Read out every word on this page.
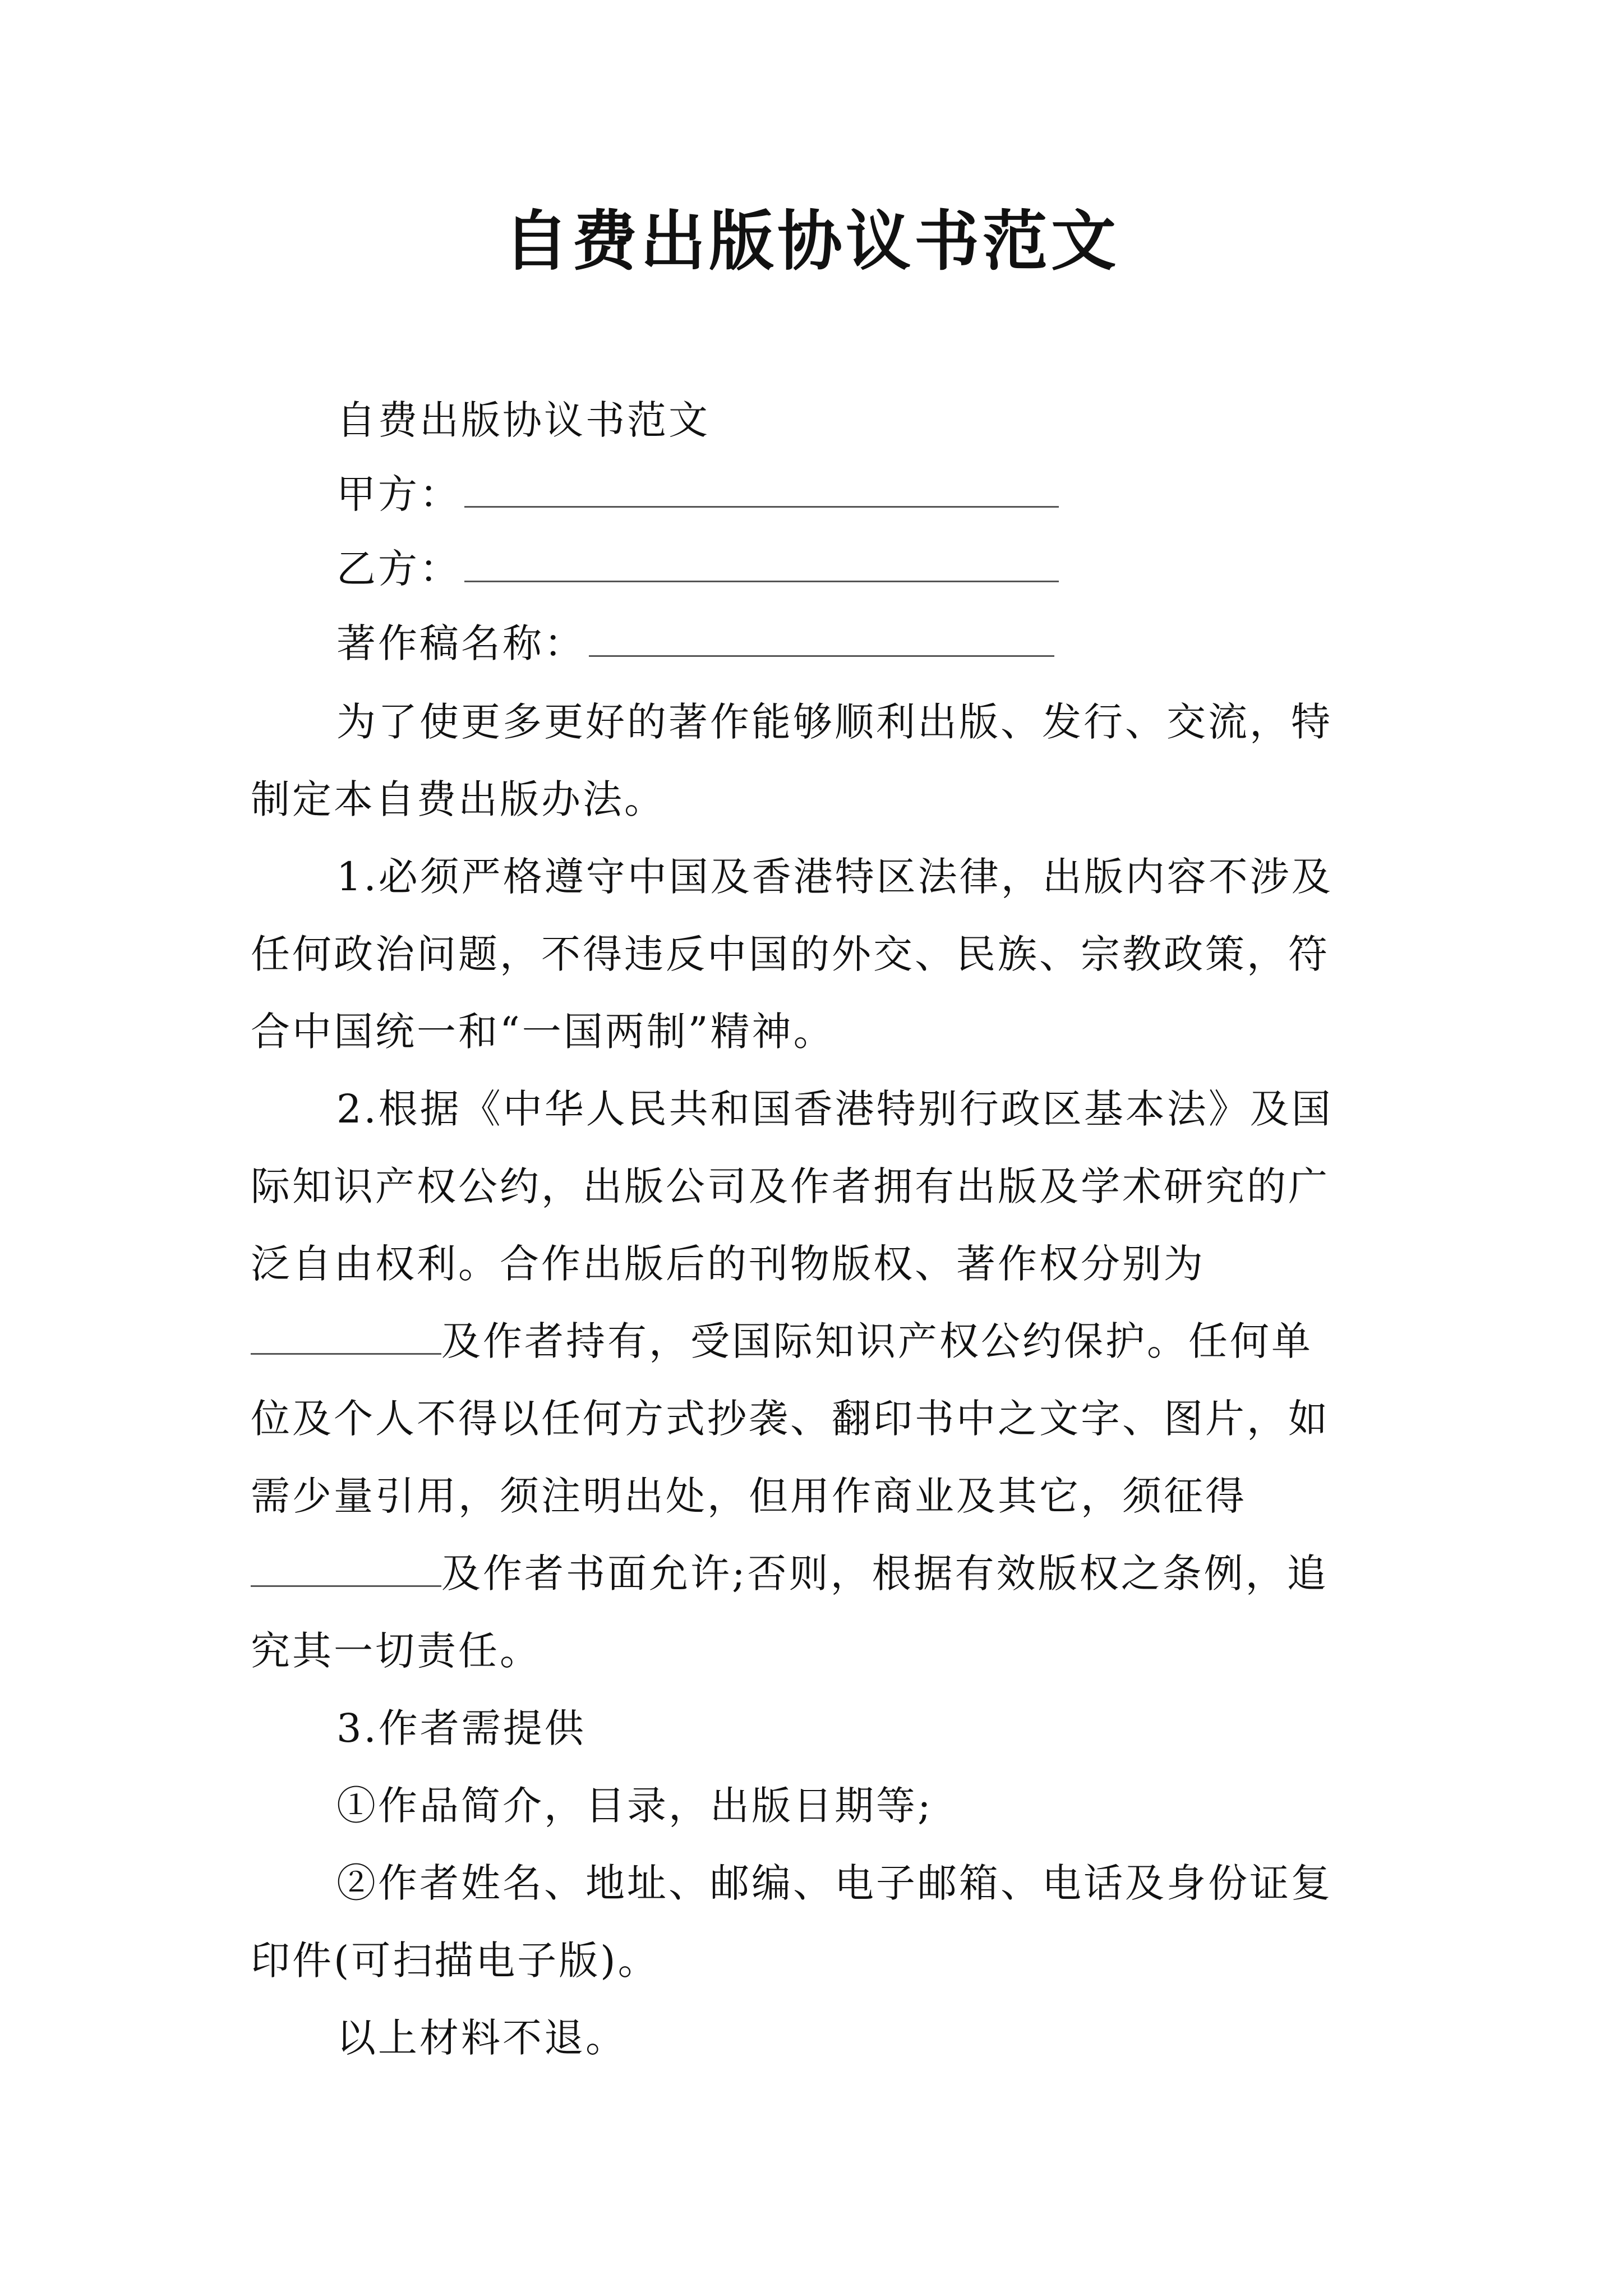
自费出版协议书范文
自费出版协议书范文
甲方：
乙方：
著作稿名称：
为了使更多更好的著作能够顺利出版、发行、交流，特
制定本自费出版办法。
1.必须严格遵守中国及香港特区法律，出版内容不涉及
任何政治问题，不得违反中国的外交、民族、宗教政策，符
合中国统一和“一国两制”精神。
2.根据《中华人民共和国香港特别行政区基本法》及国
际知识产权公约，出版公司及作者拥有出版及学术研究的广
泛自由权利。合作出版后的刊物版权、著作权分别为
及作者持有，受国际知识产权公约保护。任何单
位及个人不得以任何方式抄袭、翻印书中之文字、图片，如
需少量引用，须注明出处，但用作商业及其它，须征得
及作者书面允许;否则，根据有效版权之条例，追
究其一切责任。
3.作者需提供
①作品简介，目录，出版日期等;
②作者姓名、地址、邮编、电子邮箱、电话及身份证复
印件(可扫描电子版)。
以上材料不退。
